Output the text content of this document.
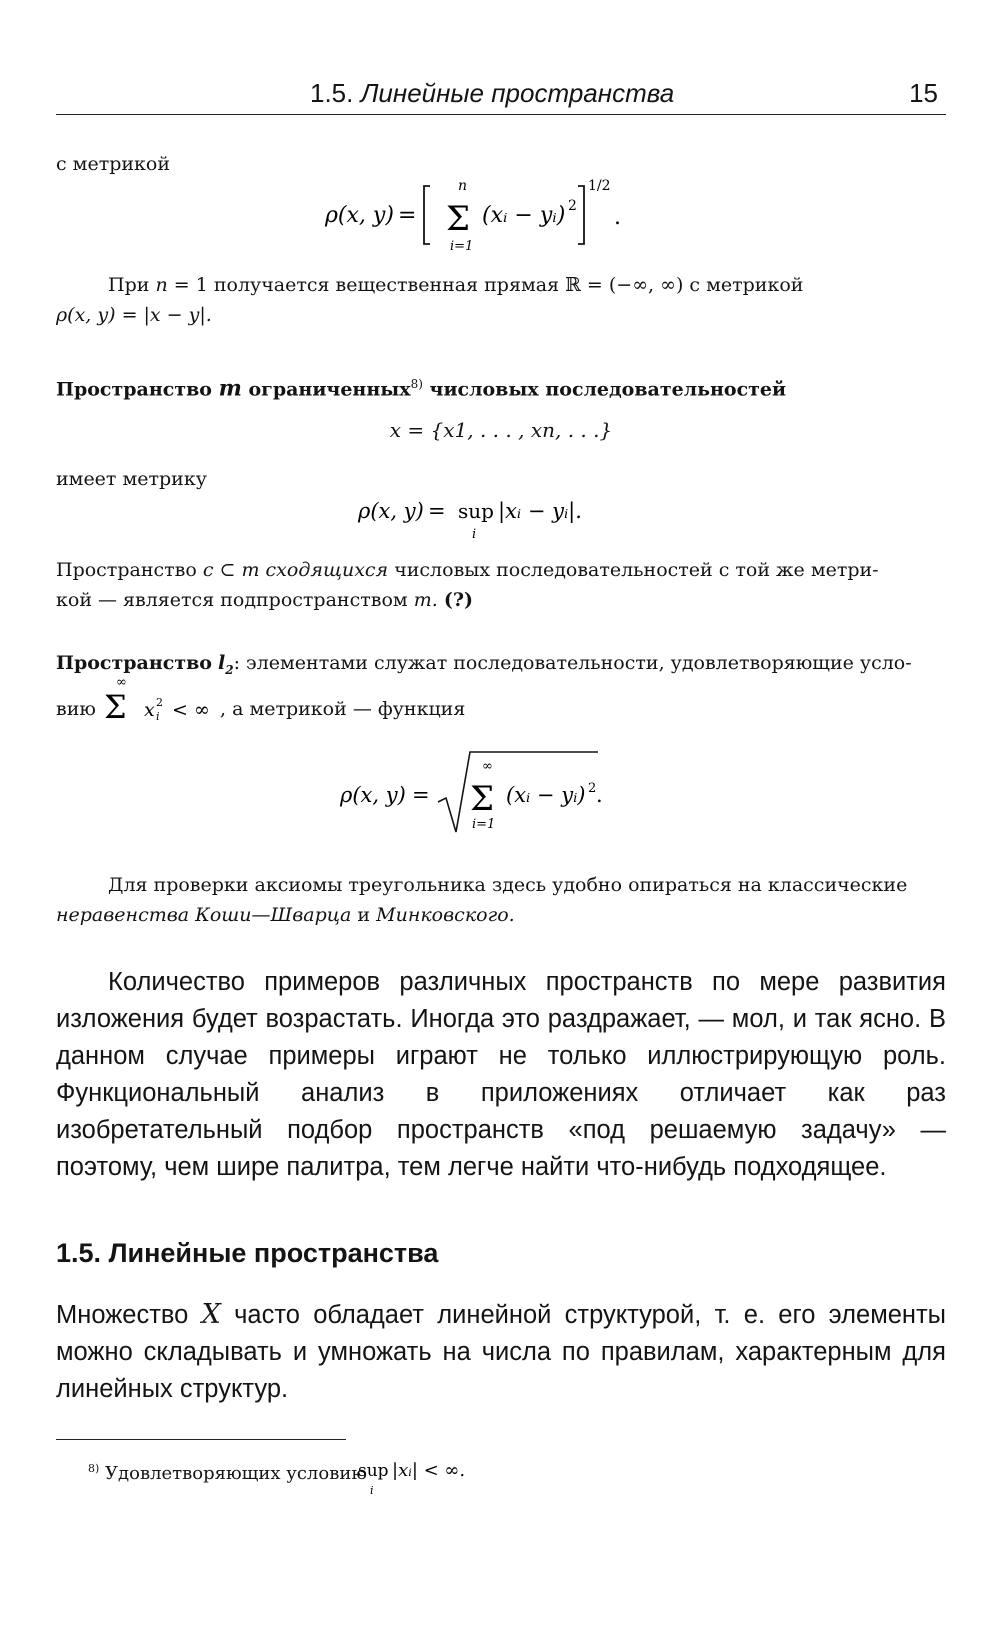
1.5. Линейные пространства	15
с метрикой
ρ(x, y) =
n
Σ
i=1
(xᵢ − yᵢ) 2
1/2
.
При n = 1 получается вещественная прямая ℝ = (−∞, ∞) с метрикой
ρ(x, y) = |x − y|.
Пространство m ограниченных$^{8)}$ числовых последовательностей
x = {x1, . . . , xn, . . .}
имеет метрику
ρ(x, y) = sup
i
|xᵢ − yᵢ|.
Пространство c ⊂ m сходящихся числовых последовательностей с той же метри-
кой — является подпространством m. (?)
Пространство $l_2$: элементами служат последовательности, удовлетворяющие усло-
вию
∞
Σ x i
2 < ∞ , а метрикой — функция
ρ(x, y) =
∞
Σ
i=1
(xᵢ − yᵢ) 2 .
Для проверки аксиомы треугольника здесь удобно опираться на классические
неравенства Коши—Шварца и Минковского.
Количество примеров различных пространств по мере развития изложения будет возрастать. Иногда это раздражает, — мол, и так ясно. В данном случае примеры играют не только иллюстрирующую роль. Функциональный анализ в приложениях отличает как раз изобретательный подбор пространств «под решаемую задачу» — поэтому, чем шире палитра, тем легче найти что-нибудь подходящее.
1.5. Линейные пространства
Множество X часто обладает линейной структурой, т. е. его элементы можно складывать и умножать на числа по правилам, характерным для линейных структур.
$^{8)}$ Удовлетворяющих условию
sup
i
|xᵢ| < ∞.
